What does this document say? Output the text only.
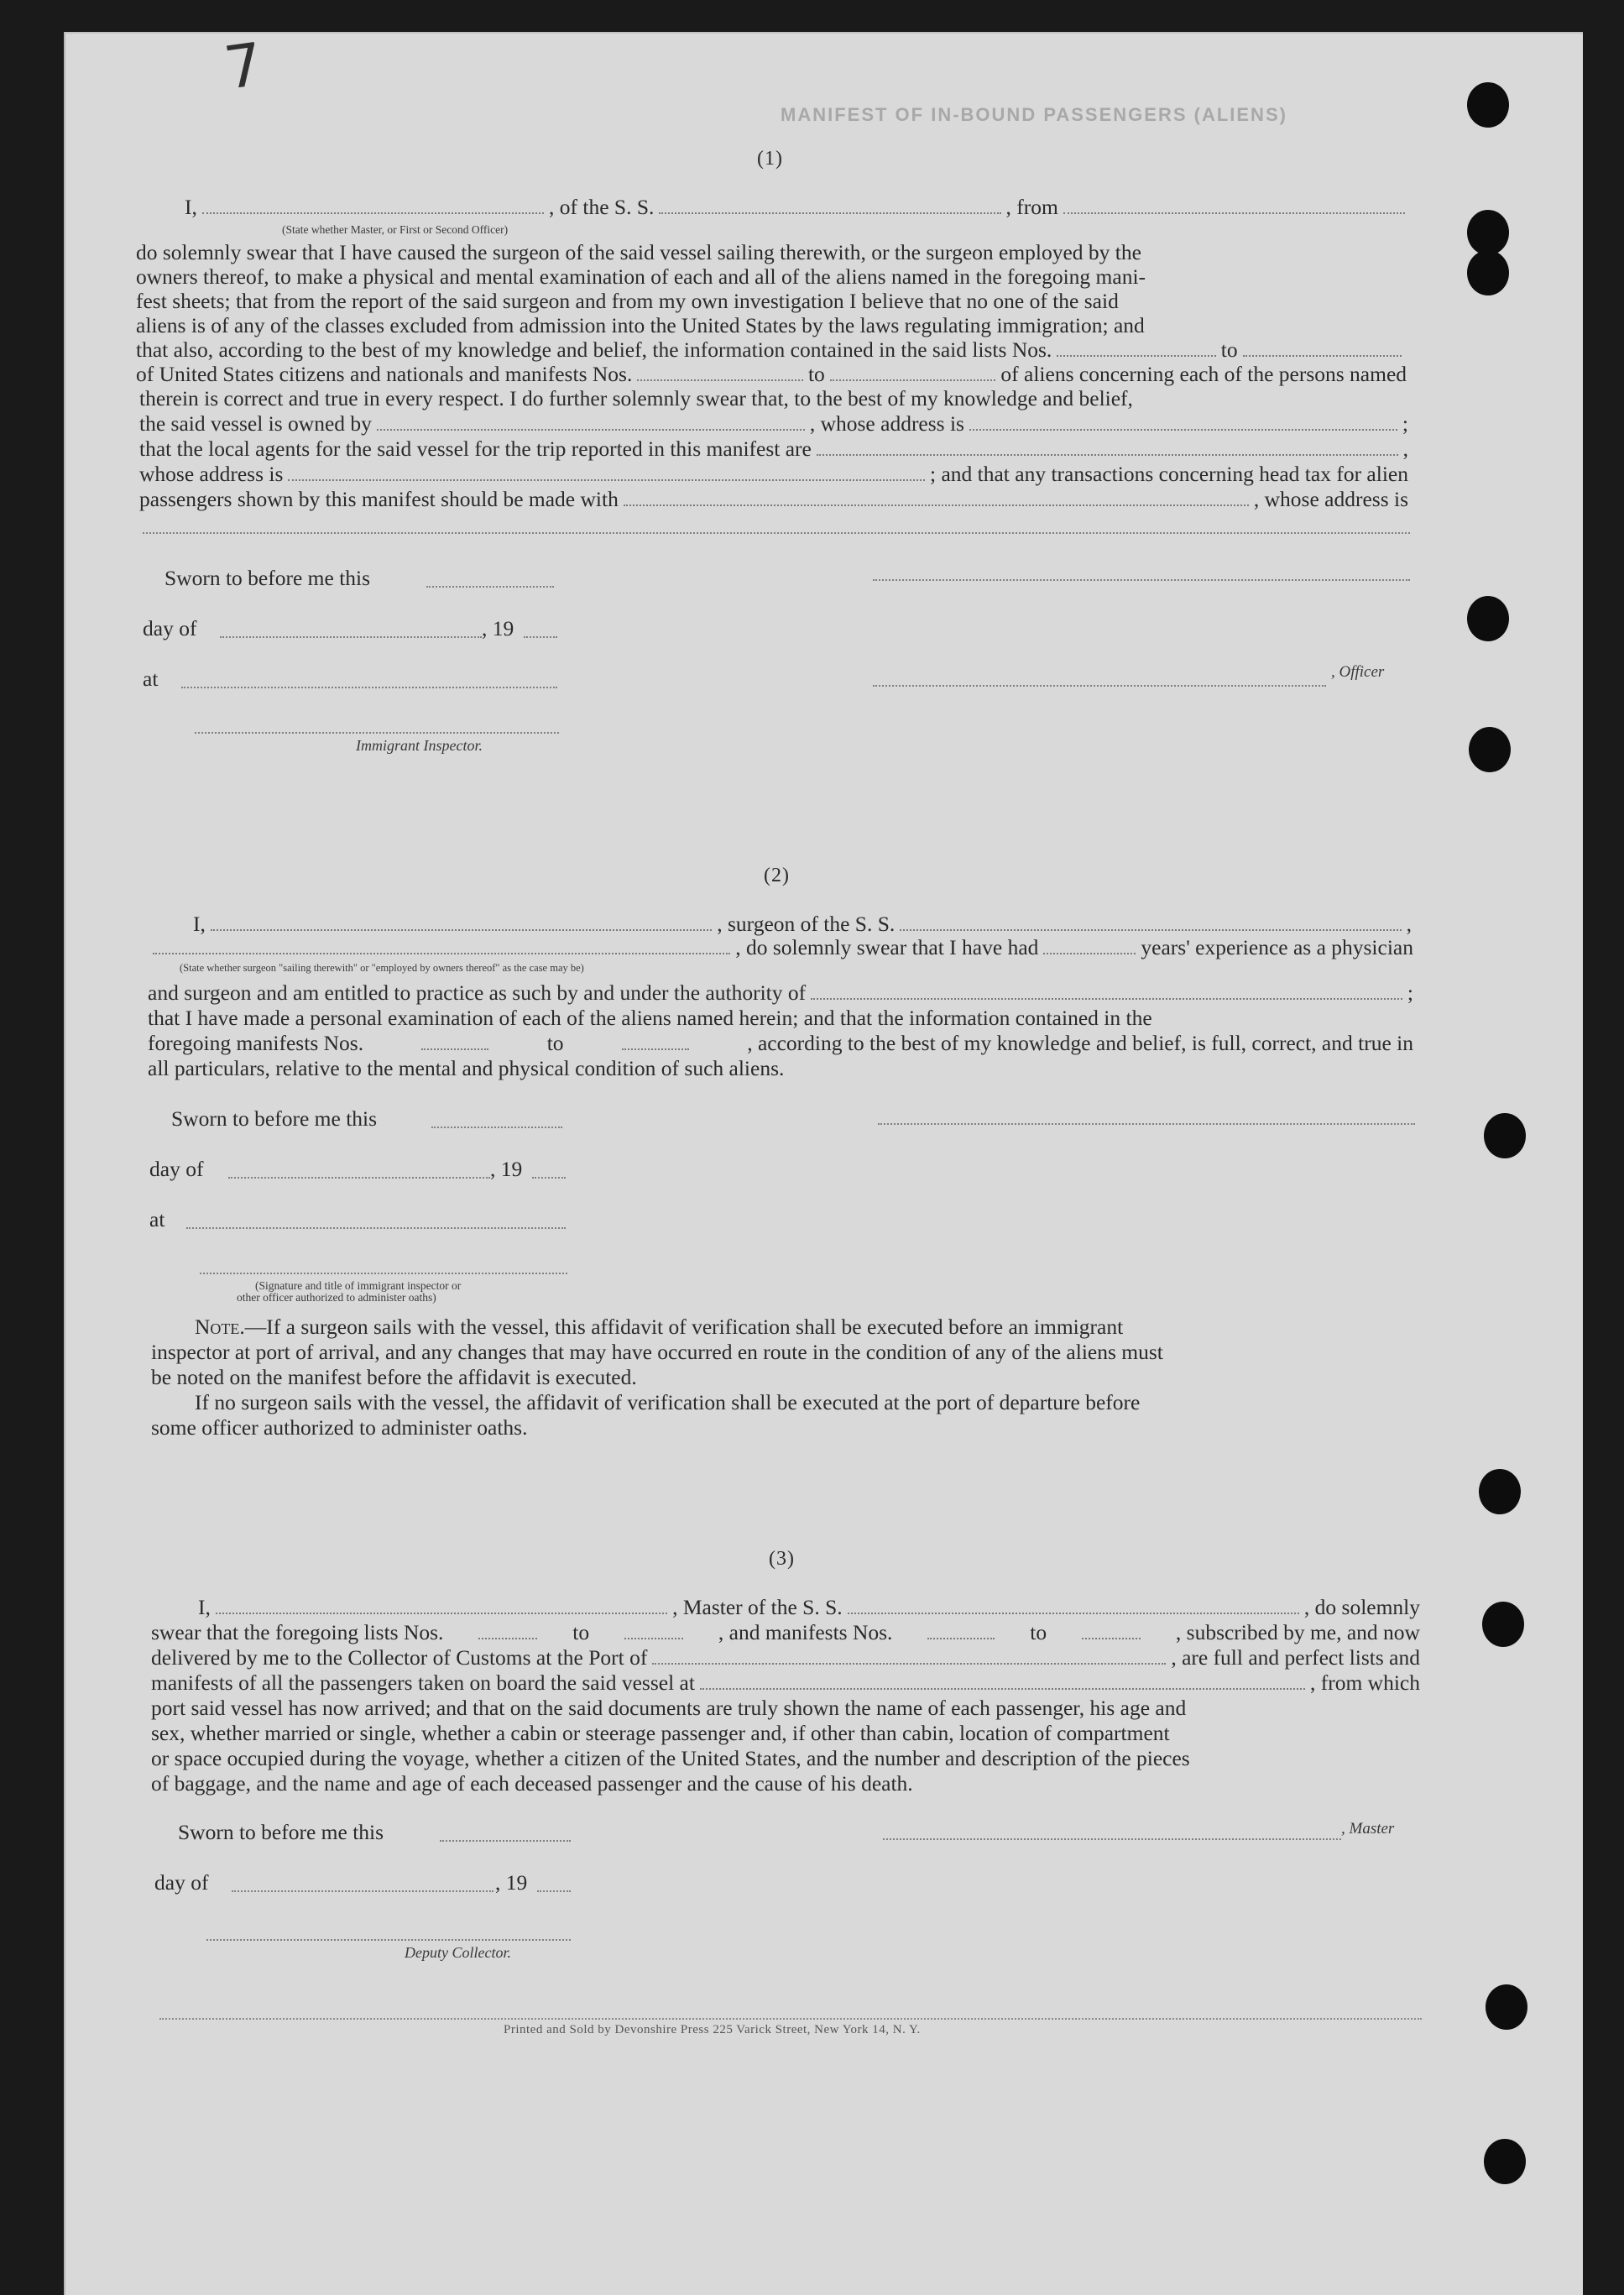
7
MANIFEST OF IN-BOUND PASSENGERS (ALIENS)
(1)
I,	, of the S. S.	, from
(State whether Master, or First or Second Officer)
do solemnly swear that I have caused the surgeon of the said vessel sailing therewith, or the surgeon employed by the
owners thereof, to make a physical and mental examination of each and all of the aliens named in the foregoing mani-
fest sheets; that from the report of the said surgeon and from my own investigation I believe that no one of the said
aliens is of any of the classes excluded from admission into the United States by the laws regulating immigration; and
that also, according to the best of my knowledge and belief, the information contained in the said lists Nos.	to
of United States citizens and nationals and manifests Nos.	to	of aliens concerning each of the persons named
therein is correct and true in every respect. I do further solemnly swear that, to the best of my knowledge and belief,
the said vessel is owned by	, whose address is	;
that the local agents for the said vessel for the trip reported in this manifest are	,
whose address is	; and that any transactions concerning head tax for alien
passengers shown by this manifest should be made with	, whose address is
Sworn to before me this
day of	, 19
at	, Officer
Immigrant Inspector.
(2)
I,	, surgeon of the S. S.	,
, do solemnly swear that I have had	years' experience as a physician
(State whether surgeon "sailing therewith" or "employed by owners thereof" as the case may be)
and surgeon and am entitled to practice as such by and under the authority of	;
that I have made a personal examination of each of the aliens named herein; and that the information contained in the
foregoing manifests Nos.	to	, according to the best of my knowledge and belief, is full, correct, and true in
all particulars, relative to the mental and physical condition of such aliens.
Sworn to before me this
day of	, 19
at
(Signature and title of immigrant inspector or
other officer authorized to administer oaths)
Note.—If a surgeon sails with the vessel, this affidavit of verification shall be executed before an immigrant
inspector at port of arrival, and any changes that may have occurred en route in the condition of any of the aliens must
be noted on the manifest before the affidavit is executed.
If no surgeon sails with the vessel, the affidavit of verification shall be executed at the port of departure before
some officer authorized to administer oaths.
(3)
I,	, Master of the S. S.	, do solemnly
swear that the foregoing lists Nos.	to	, and manifests Nos.	to	, subscribed by me, and now
delivered by me to the Collector of Customs at the Port of	, are full and perfect lists and
manifests of all the passengers taken on board the said vessel at	, from which
port said vessel has now arrived; and that on the said documents are truly shown the name of each passenger, his age and
sex, whether married or single, whether a cabin or steerage passenger and, if other than cabin, location of compartment
or space occupied during the voyage, whether a citizen of the United States, and the number and description of the pieces
of baggage, and the name and age of each deceased passenger and the cause of his death.
Sworn to before me this	, Master
day of	, 19
Deputy Collector.
Printed and Sold by Devonshire Press 225 Varick Street, New York 14, N. Y.
